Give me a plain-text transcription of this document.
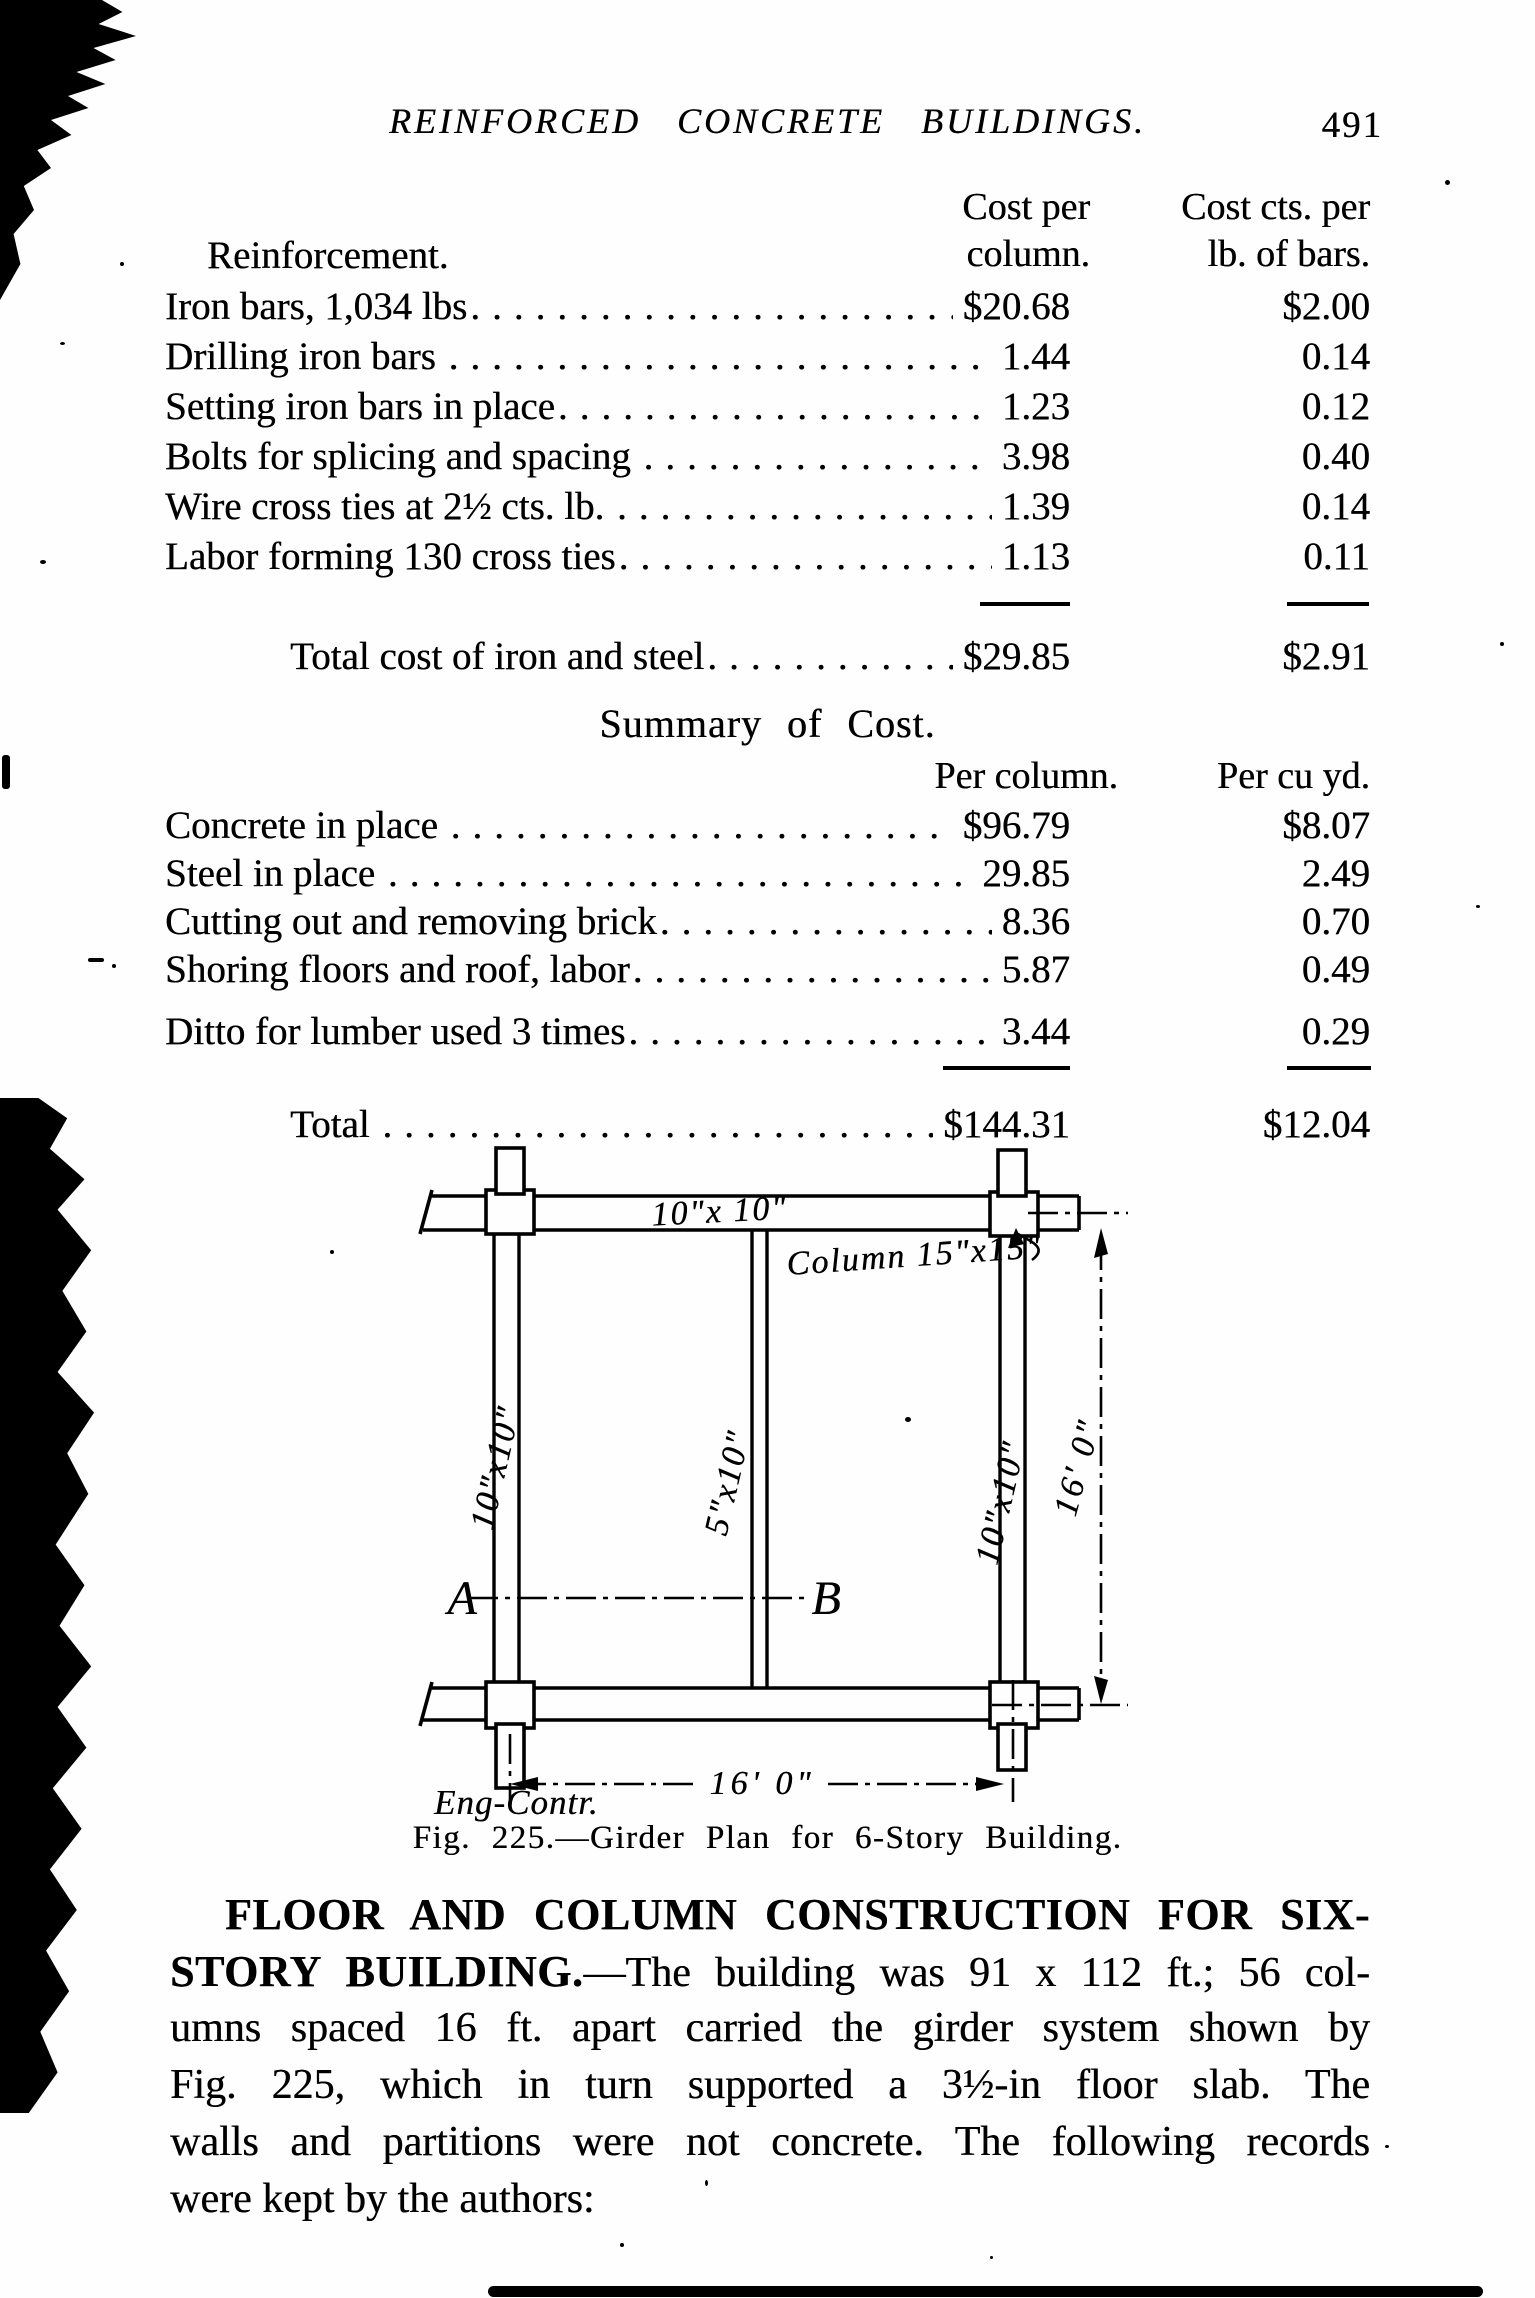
REINFORCED CONCRETE BUILDINGS.	491
Reinforcement.
Cost per
column.
Cost cts. per
lb. of bars.
Iron bars, 1,034 lbs .....	$20.68	$2.00
Drilling iron bars .....	1.44	0.14
Setting iron bars in place .....	1.23	0.12
Bolts for splicing and spacing .....	3.98	0.40
Wire cross ties at 2½ cts. lb. .....	1.39	0.14
Labor forming 130 cross ties .....	1.13	0.11
Total cost of iron and steel .....	$29.85	$2.91
Summary of Cost.
Per column.	Per cu yd.
Concrete in place .....	$96.79	$8.07
Steel in place .....	29.85	2.49
Cutting out and removing brick .....	8.36	0.70
Shoring floors and roof, labor .....	5.87	0.49
Ditto for lumber used 3 times .....	3.44	0.29
Total .....	$144.31	$12.04
10"x 10"
Column 15"x15"
10"x10"	5"x10"	10"x10" 16' 0"
16' 0"
A	B
Eng-Contr.
Fig. 225.—Girder Plan for 6-Story Building.
FLOOR AND COLUMN CONSTRUCTION FOR SIX-
STORY BUILDING.—The building was 91 x 112 ft.; 56 col-
umns spaced 16 ft. apart carried the girder system shown by
Fig. 225, which in turn supported a 3½-in floor slab. The
walls and partitions were not concrete. The following records
were kept by the authors:
